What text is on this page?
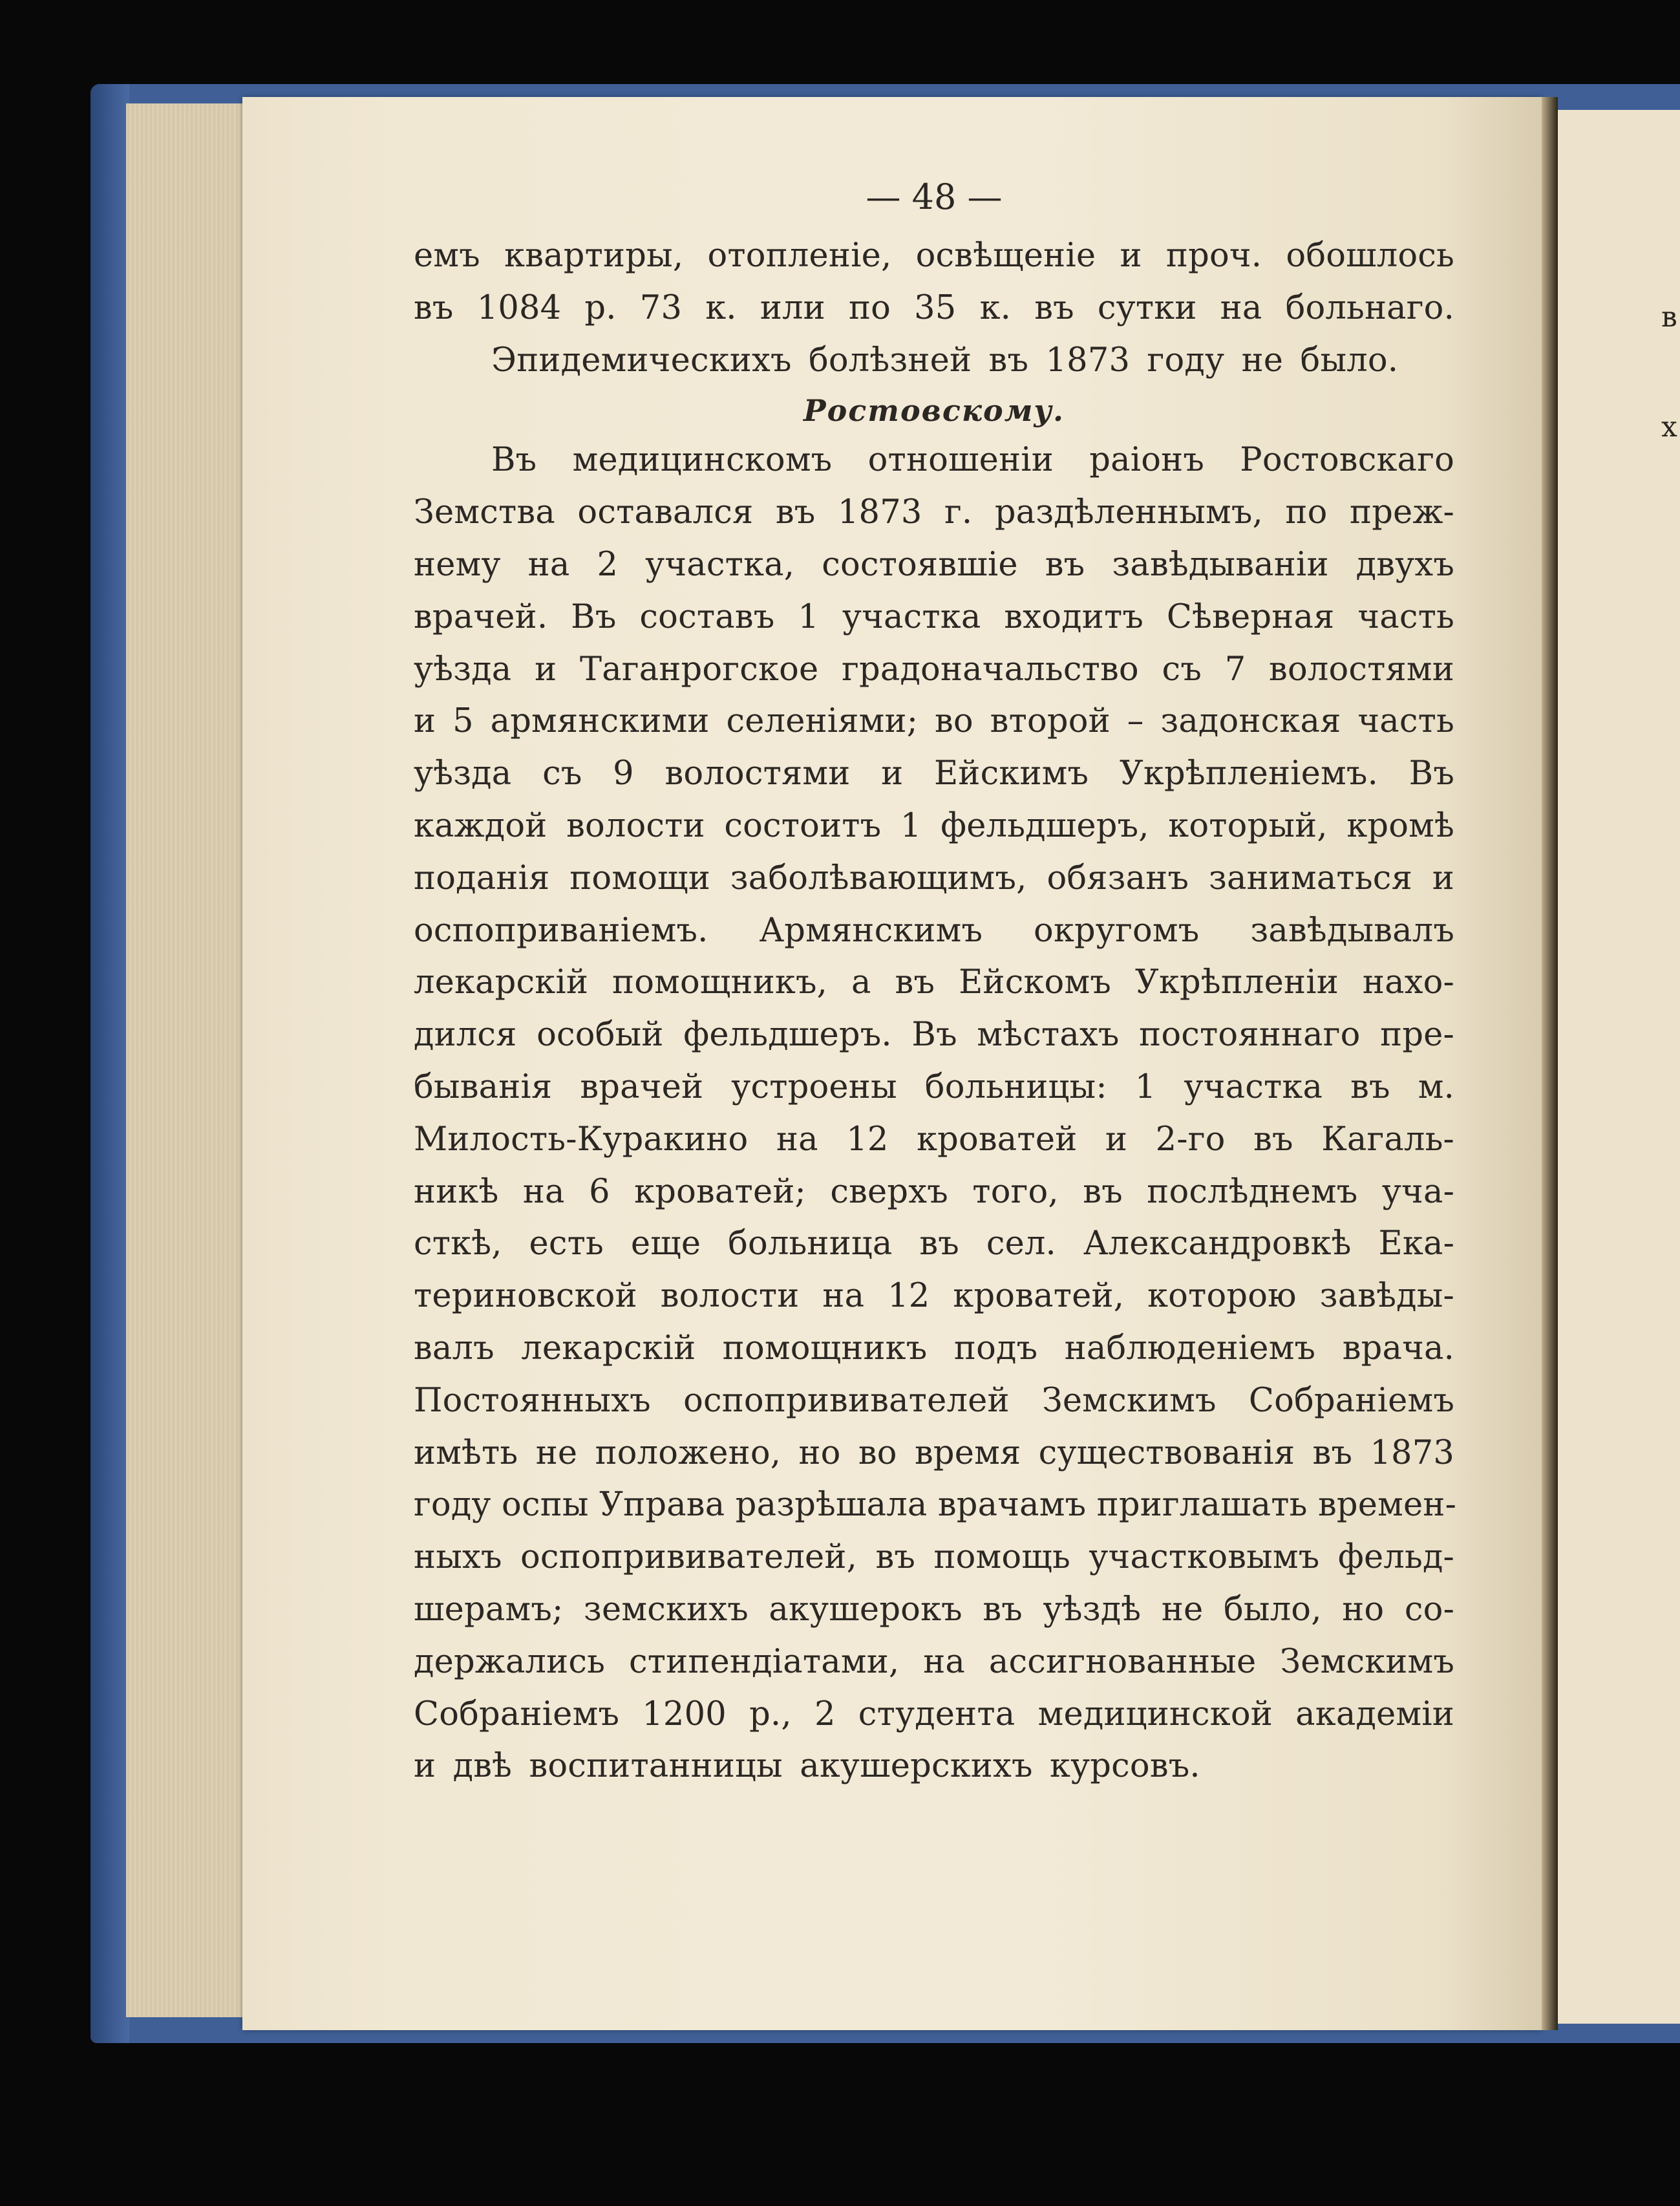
в
х
— 48 —
емъ квартиры, отопленіе, освѣщеніе и проч. обошлось
въ 1084 р. 73 к. или по 35 к. въ сутки на больнаго.
Эпидемическихъ болѣзней въ 1873 году не было.
Ростовскому.
Въ медицинскомъ отношеніи раіонъ Ростовскаго
Земства оставался въ 1873 г. раздѣленнымъ, по преж-
нему на 2 участка, состоявшіе въ завѣдываніи двухъ
врачей. Въ составъ 1 участка входитъ Сѣверная часть
уѣзда и Таганрогское градоначальство съ 7 волостями
и 5 армянскими селеніями; во второй – задонская часть
уѣзда съ 9 волостями и Ейскимъ Укрѣпленіемъ. Въ
каждой волости состоитъ 1 фельдшеръ, который, кромѣ
поданія помощи заболѣвающимъ, обязанъ заниматься и
оспоприваніемъ. Армянскимъ округомъ завѣдывалъ
лекарскій помощникъ, а въ Ейскомъ Укрѣпленіи нахо-
дился особый фельдшеръ. Въ мѣстахъ постояннаго пре-
быванія врачей устроены больницы: 1 участка въ м.
Милость-Куракино на 12 кроватей и 2-го въ Кагаль-
никѣ на 6 кроватей; сверхъ того, въ послѣднемъ уча-
сткѣ, есть еще больница въ сел. Александровкѣ Ека-
териновской волости на 12 кроватей, которою завѣды-
валъ лекарскій помощникъ подъ наблюденіемъ врача.
Постоянныхъ оспопрививателей Земскимъ Собраніемъ
имѣть не положено, но во время существованія въ 1873
году оспы Управа разрѣшала врачамъ приглашать времен-
ныхъ оспопрививателей, въ помощь участковымъ фельд-
шерамъ; земскихъ акушерокъ въ уѣздѣ не было, но со-
держались стипендіатами, на ассигнованные Земскимъ
Собраніемъ 1200 р., 2 студента медицинской академіи
и двѣ воспитанницы акушерскихъ курсовъ.
